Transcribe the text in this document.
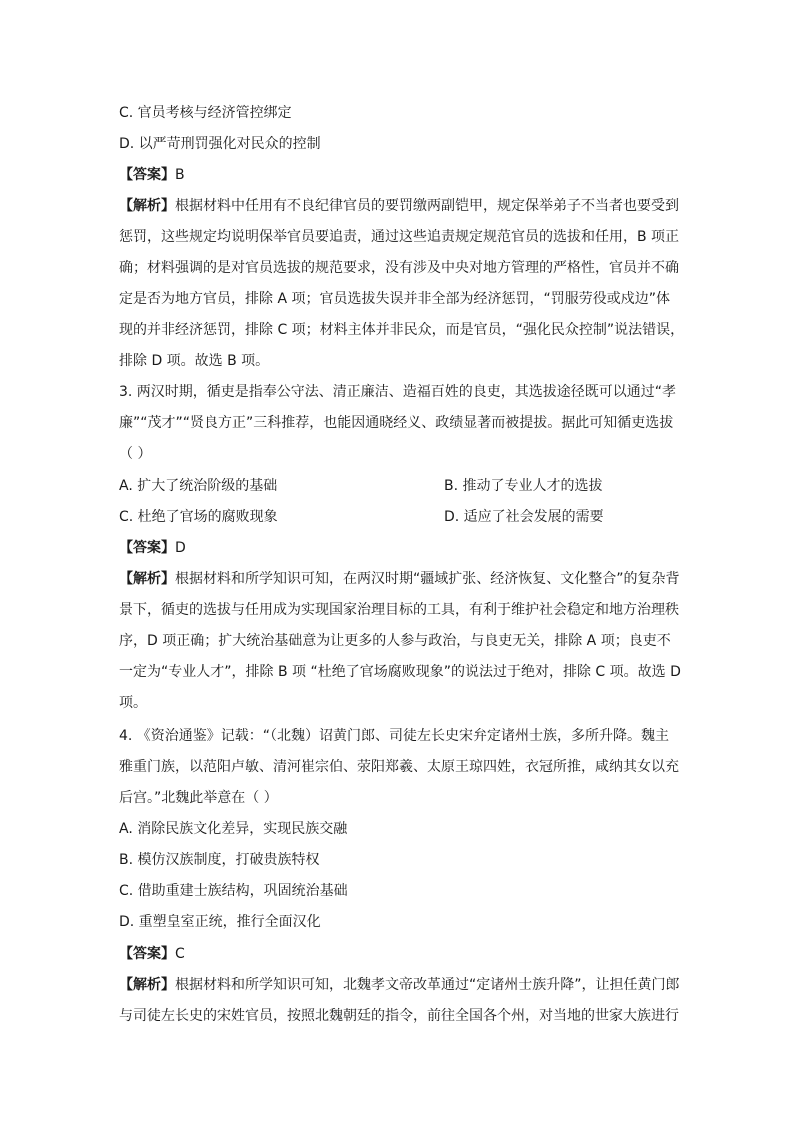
C. 官员考核与经济管控绑定
D. 以严苛刑罚强化对民众的控制
【答案】B
【解析】根据材料中任用有不良纪律官员的要罚缴两副铠甲，规定保举弟子不当者也要受到
惩罚，这些规定均说明保举官员要追责，通过这些追责规定规范官员的选拔和任用，B 项正
确；材料强调的是对官员选拔的规范要求，没有涉及中央对地方管理的严格性，官员并不确
定是否为地方官员，排除 A 项；官员选拔失误并非全部为经济惩罚，“罚服劳役或戍边”体
现的并非经济惩罚，排除 C 项；材料主体并非民众，而是官员，“强化民众控制”说法错误，
排除 D 项。故选 B 项。
3. 两汉时期，循吏是指奉公守法、清正廉洁、造福百姓的良吏，其选拔途径既可以通过“孝
廉”“茂才”“贤良方正”三科推荐，也能因通晓经义、政绩显著而被提拔。据此可知循吏选拔
（ ）
A. 扩大了统治阶级的基础	B. 推动了专业人才的选拔
C. 杜绝了官场的腐败现象	D. 适应了社会发展的需要
【答案】D
【解析】根据材料和所学知识可知，在两汉时期“疆域扩张、经济恢复、文化整合”的复杂背
景下，循吏的选拔与任用成为实现国家治理目标的工具，有利于维护社会稳定和地方治理秩
序，D 项正确；扩大统治基础意为让更多的人参与政治，与良吏无关，排除 A 项；良吏不
一定为“专业人才”，排除 B 项 “杜绝了官场腐败现象”的说法过于绝对，排除 C 项。故选 D
项。
4. 《资治通鉴》记载：“（北魏）诏黄门郎、司徒左长史宋弁定诸州士族，多所升降。魏主
雅重门族，以范阳卢敏、清河崔宗伯、荥阳郑羲、太原王琼四姓，衣冠所推，咸纳其女以充
后宫。”北魏此举意在（ ）
A. 消除民族文化差异，实现民族交融
B. 模仿汉族制度，打破贵族特权
C. 借助重建士族结构，巩固统治基础
D. 重塑皇室正统，推行全面汉化
【答案】C
【解析】根据材料和所学知识可知，北魏孝文帝改革通过“定诸州士族升降”，让担任黄门郎
与司徒左长史的宋姓官员，按照北魏朝廷的指令，前往全国各个州，对当地的世家大族进行
